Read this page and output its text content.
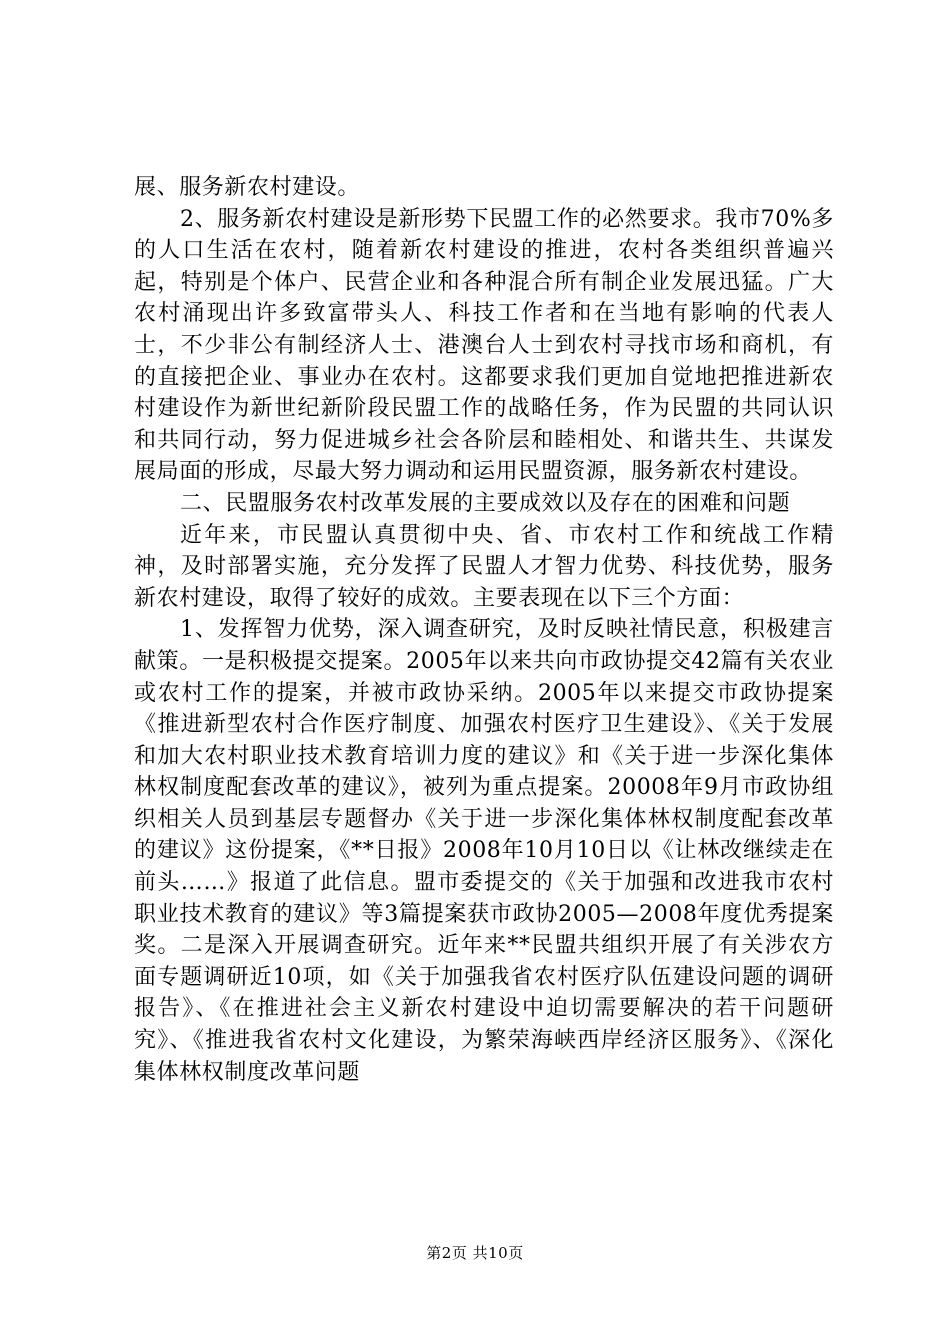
展、服务新农村建设。

2、服务新农村建设是新形势下民盟工作的必然要求。我市70%多的人口生活在农村，随着新农村建设的推进，农村各类组织普遍兴起，特别是个体户、民营企业和各种混合所有制企业发展迅猛。广大农村涌现出许多致富带头人、科技工作者和在当地有影响的代表人士，不少非公有制经济人士、港澳台人士到农村寻找市场和商机，有的直接把企业、事业办在农村。这都要求我们更加自觉地把推进新农村建设作为新世纪新阶段民盟工作的战略任务，作为民盟的共同认识和共同行动，努力促进城乡社会各阶层和睦相处、和谐共生、共谋发展局面的形成，尽最大努力调动和运用民盟资源，服务新农村建设。

二、民盟服务农村改革发展的主要成效以及存在的困难和问题

近年来，市民盟认真贯彻中央、省、市农村工作和统战工作精神，及时部署实施，充分发挥了民盟人才智力优势、科技优势，服务新农村建设，取得了较好的成效。主要表现在以下三个方面：

1、发挥智力优势，深入调查研究，及时反映社情民意，积极建言献策。一是积极提交提案。2005年以来共向市政协提交42篇有关农业或农村工作的提案，并被市政协采纳。2005年以来提交市政协提案《推进新型农村合作医疗制度、加强农村医疗卫生建设》、《关于发展和加大农村职业技术教育培训力度的建议》和《关于进一步深化集体林权制度配套改革的建议》，被列为重点提案。20008年9月市政协组织相关人员到基层专题督办《关于进一步深化集体林权制度配套改革的建议》这份提案，《**日报》2008年10月10日以《让林改继续走在前头……》报道了此信息。盟市委提交的《关于加强和改进我市农村职业技术教育的建议》等3篇提案获市政协2005—2008年度优秀提案奖。二是深入开展调查研究。近年来**民盟共组织开展了有关涉农方面专题调研近10项，如《关于加强我省农村医疗队伍建设问题的调研报告》、《在推进社会主义新农村建设中迫切需要解决的若干问题研究》、《推进我省农村文化建设，为繁荣海峡西岸经济区服务》、《深化集体林权制度改革问题

第2页 共10页
